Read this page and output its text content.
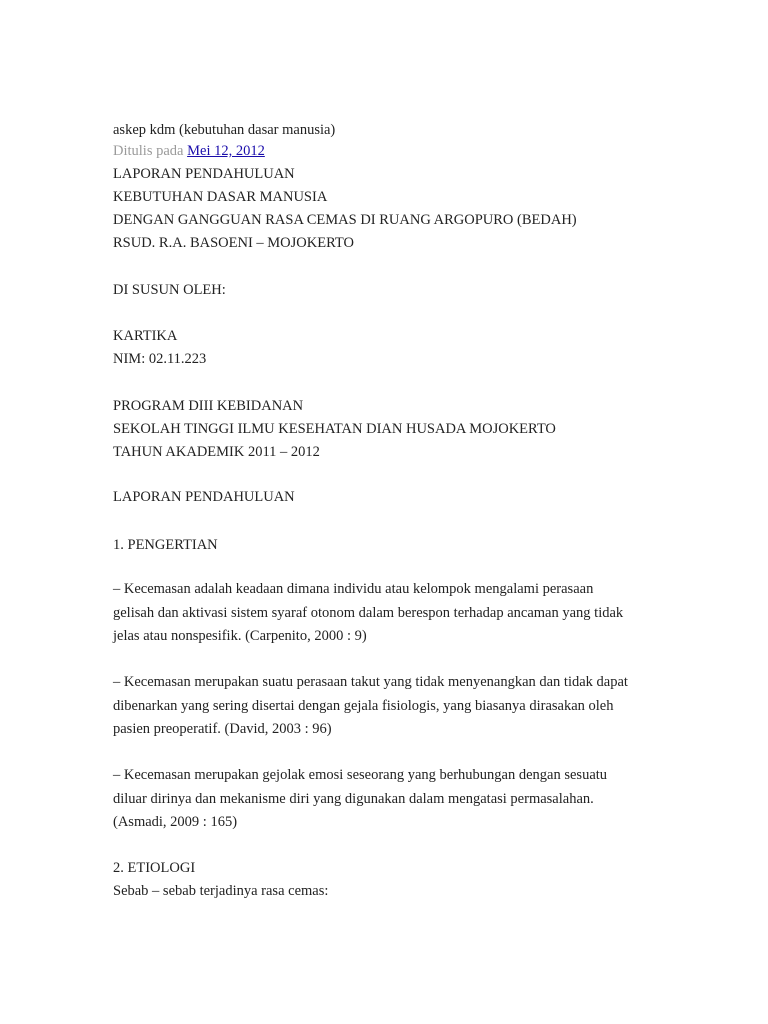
askep kdm (kebutuhan dasar manusia)
Ditulis pada Mei 12, 2012
LAPORAN PENDAHULUAN
KEBUTUHAN DASAR MANUSIA
DENGAN GANGGUAN RASA CEMAS DI RUANG ARGOPURO (BEDAH)
RSUD. R.A. BASOENI – MOJOKERTO
DI SUSUN OLEH:
KARTIKA
NIM: 02.11.223
PROGRAM DIII KEBIDANAN
SEKOLAH TINGGI ILMU KESEHATAN DIAN HUSADA MOJOKERTO
TAHUN AKADEMIK 2011 – 2012
LAPORAN PENDAHULUAN
1. PENGERTIAN
– Kecemasan adalah keadaan dimana individu atau kelompok mengalami perasaan
gelisah dan aktivasi sistem syaraf otonom dalam berespon terhadap ancaman yang tidak
jelas atau nonspesifik. (Carpenito, 2000 : 9)
– Kecemasan merupakan suatu perasaan takut yang tidak menyenangkan dan tidak dapat
dibenarkan yang sering disertai dengan gejala fisiologis, yang biasanya dirasakan oleh
pasien preoperatif. (David, 2003 : 96)
– Kecemasan merupakan gejolak emosi seseorang yang berhubungan dengan sesuatu
diluar dirinya dan mekanisme diri yang digunakan dalam mengatasi permasalahan.
(Asmadi, 2009 : 165)
2. ETIOLOGI
Sebab – sebab terjadinya rasa cemas:
